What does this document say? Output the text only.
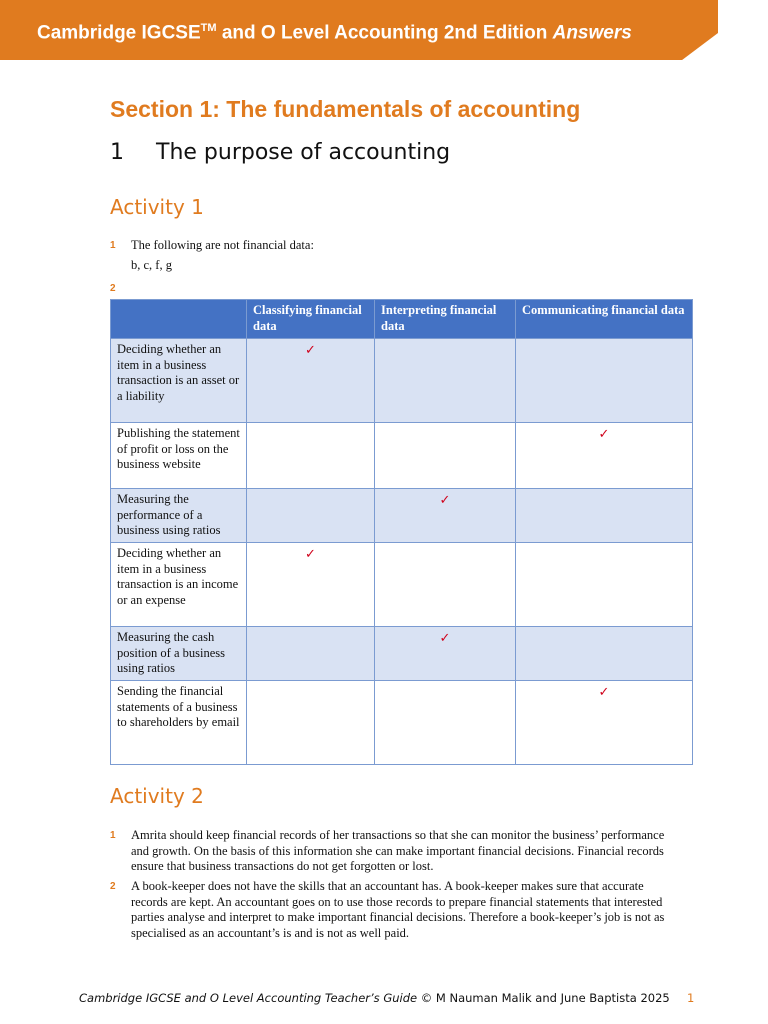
Cambridge IGCSE™ and O Level Accounting 2nd Edition Answers
Section 1: The fundamentals of accounting
1 The purpose of accounting
Activity 1
1 The following are not financial data:
b, c, f, g
2
	Classifying financial data	Interpreting financial data	Communicating financial data
Deciding whether an item in a business transaction is an asset or a liability	✓		
Publishing the statement of profit or loss on the business website			✓
Measuring the performance of a business using ratios		✓	
Deciding whether an item in a business transaction is an income or an expense	✓		
Measuring the cash position of a business using ratios		✓	
Sending the financial statements of a business to shareholders by email			✓
Activity 2
1 Amrita should keep financial records of her transactions so that she can monitor the business’ performance and growth. On the basis of this information she can make important financial decisions. Financial records ensure that business transactions do not get forgotten or lost.
2 A book-keeper does not have the skills that an accountant has. A book-keeper makes sure that accurate records are kept. An accountant goes on to use those records to prepare financial statements that interested parties analyse and interpret to make important financial decisions. Therefore a book-keeper’s job is not as specialised as an accountant’s is and is not as well paid.
Cambridge IGCSE and O Level Accounting Teacher’s Guide © M Nauman Malik and June Baptista 2025 1
